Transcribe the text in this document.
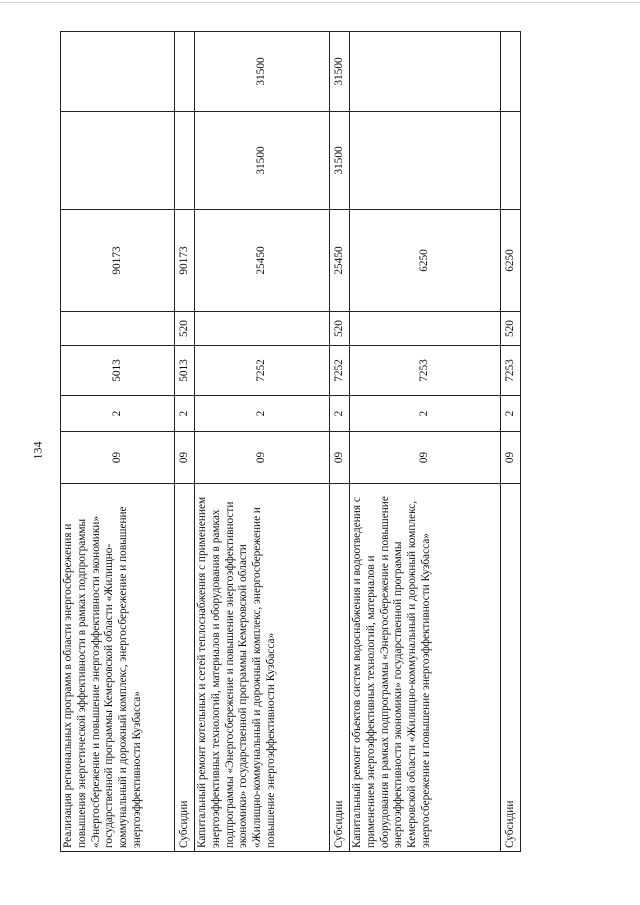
134
Реализация региональных программ в области энергосбережения и повышения энергетической эффективности в рамках подпрограммы «Энергосбережение и повышение энергоэффективности экономики» государственной программы Кемеровской области «Жилищно-коммунальный и дорожный комплекс, энергосбережение и повышение энергоэффективности Кузбасса»	09	2	5013		90173		
Субсидии	09	2	5013	520	90173		
Капитальный ремонт котельных и сетей теплоснабжения с применением энергоэффективных технологий, материалов и оборудования в рамках подпрограммы «Энергосбережение и повышение энергоэффективности экономики» государственной программы Кемеровской области «Жилищно-коммунальный и дорожный комплекс, энергосбережение и повышение энергоэффективности Кузбасса»	09	2	7252		25450	31500	31500
Субсидии	09	2	7252	520	25450	31500	31500
Капитальный ремонт объектов систем водоснабжения и водоотведения с применением энергоэффективных технологий, материалов и оборудования в рамках подпрограммы «Энергосбережение и повышение энергоэффективности экономики» государственной программы Кемеровской области «Жилищно-коммунальный и дорожный комплекс, энергосбережение и повышение энергоэффективности Кузбасса»	09	2	7253		6250		
Субсидии	09	2	7253	520	6250		
